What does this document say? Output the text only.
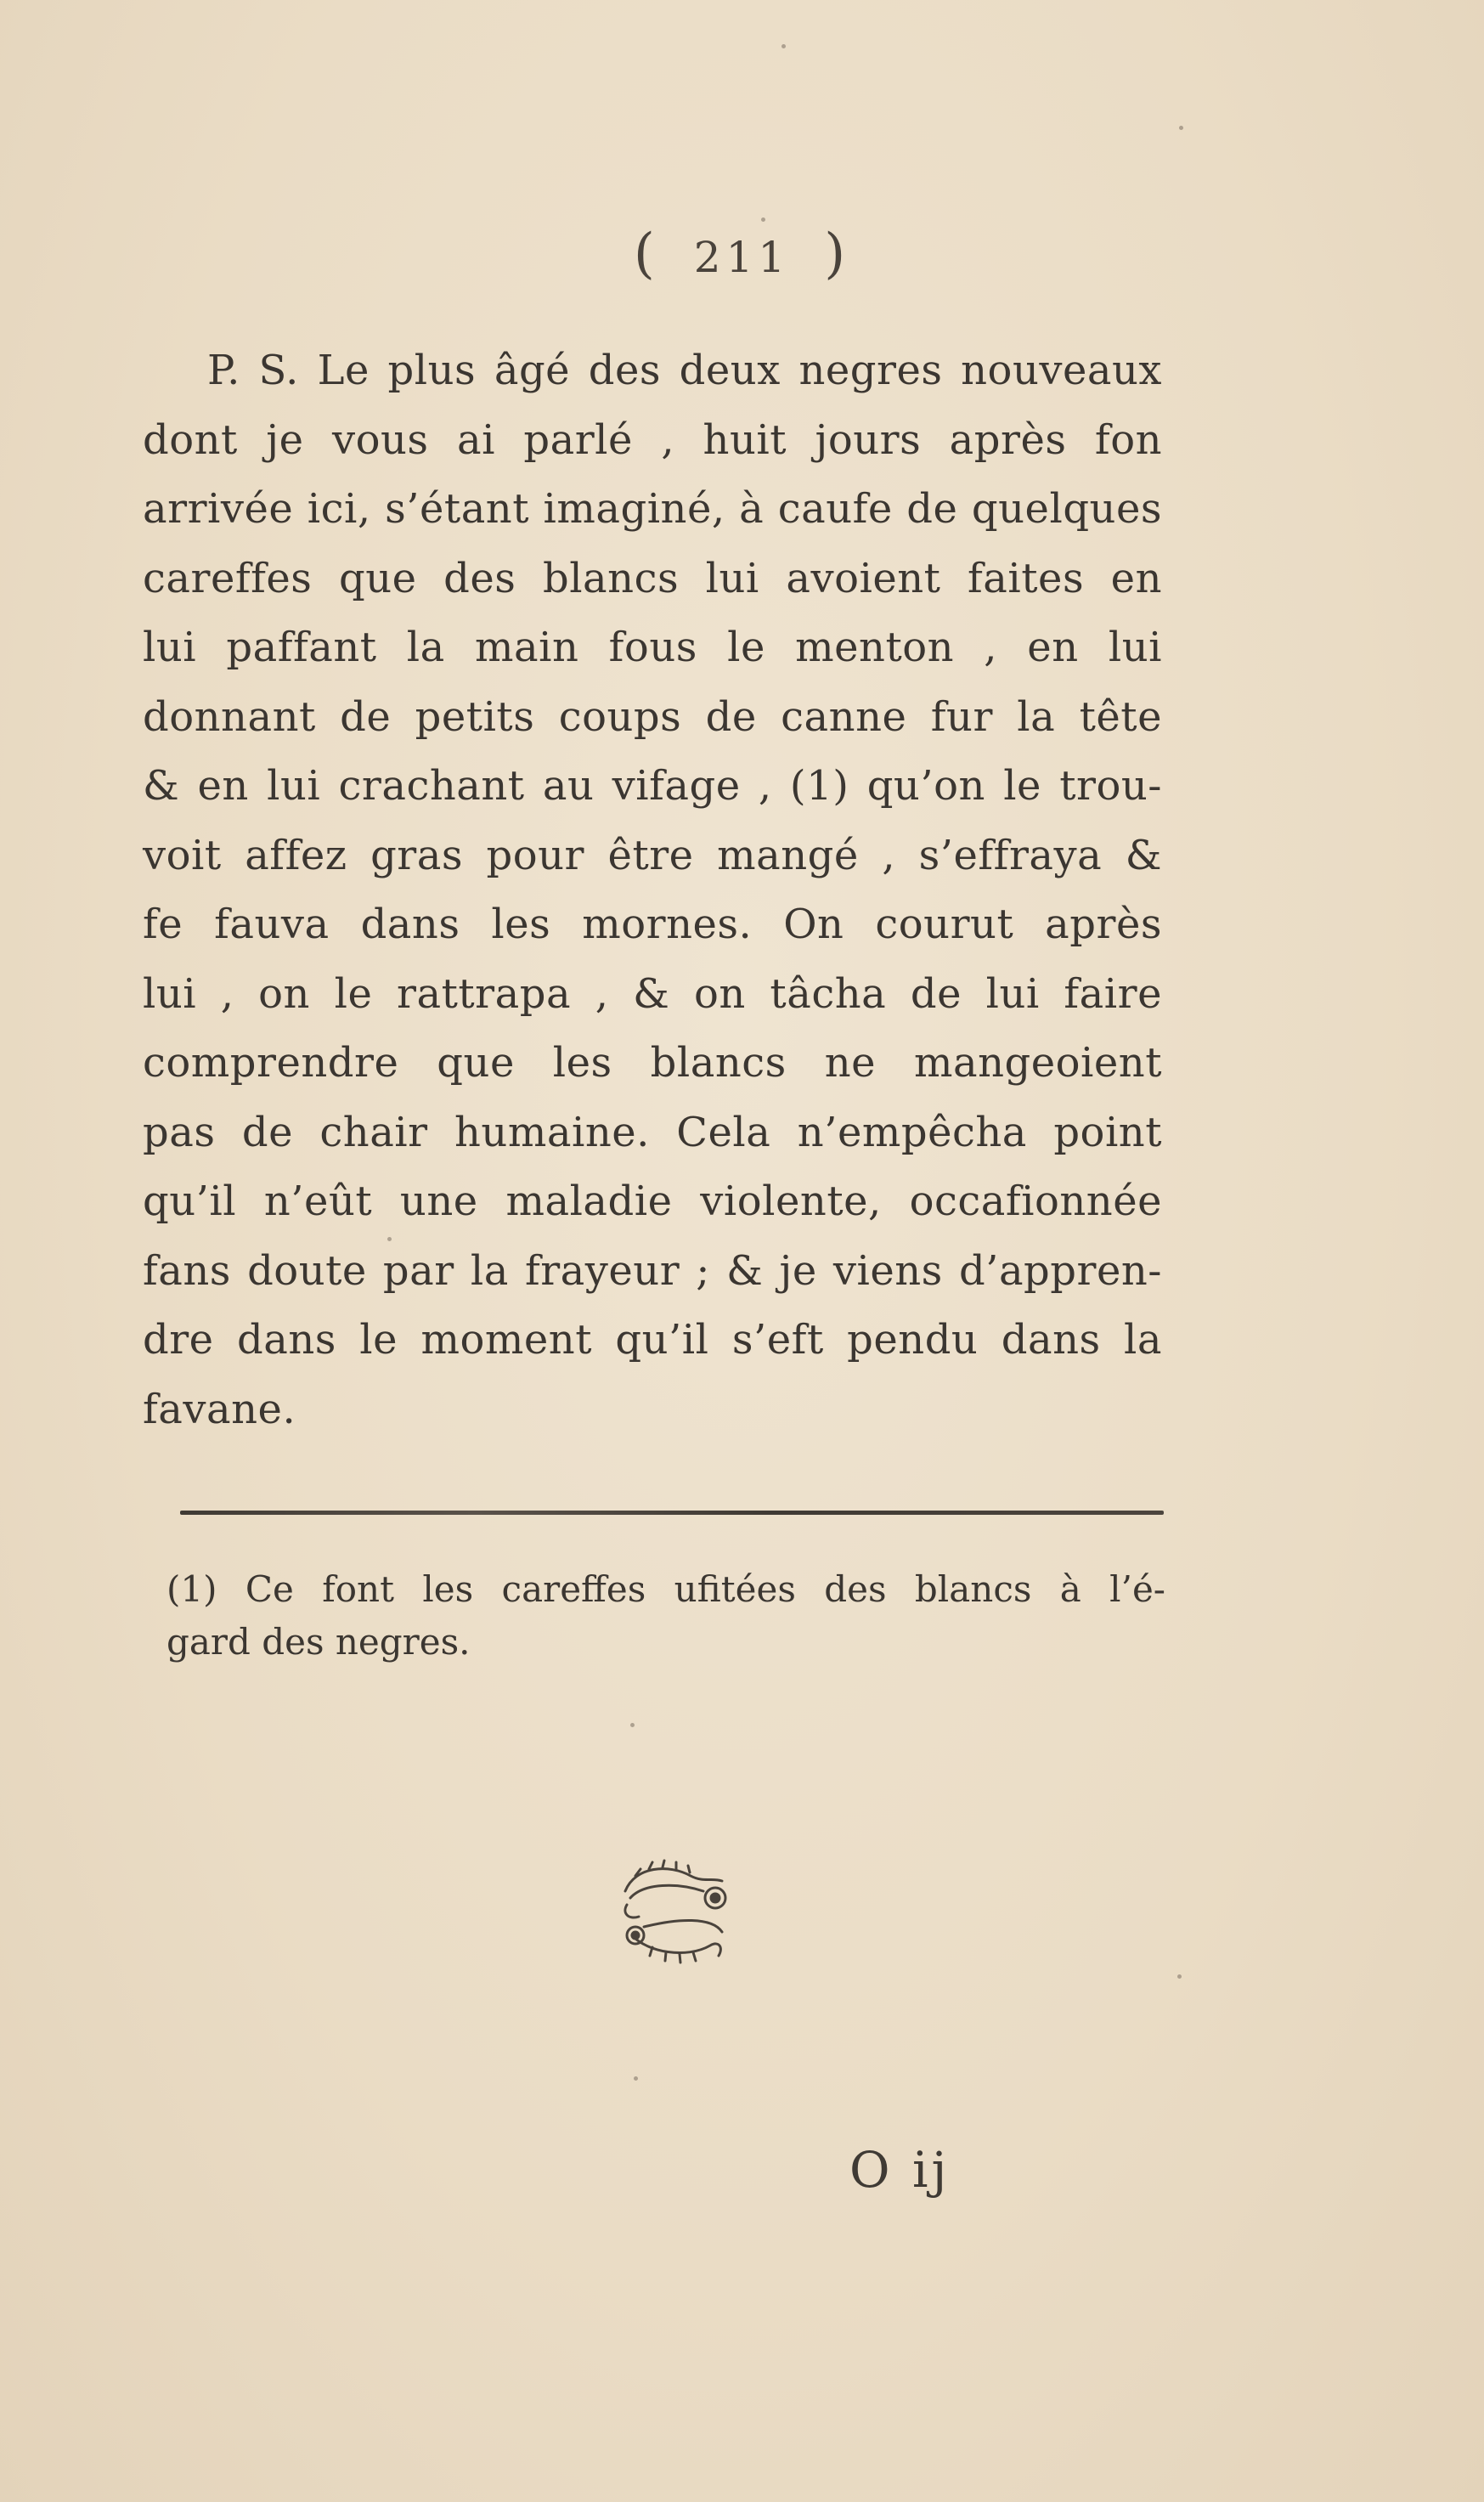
( 211 )
P. S. Le plus âgé des deux negres nouveaux
dont je vous ai parlé , huit jours après fon
arrivée ici, s’étant imaginé, à caufe de quelques
careffes que des blancs lui avoient faites en
lui paffant la main fous le menton , en lui
donnant de petits coups de canne fur la tête
& en lui crachant au vifage , (1) qu’on le trou-
voit affez gras pour être mangé , s’effraya &
fe fauva dans les mornes. On courut après
lui , on le rattrapa , & on tâcha de lui faire
comprendre que les blancs ne mangeoient
pas de chair humaine. Cela n’empêcha point
qu’il n’eût une maladie violente, occafionnée
fans doute par la frayeur ; & je viens d’appren-
dre dans le moment qu’il s’eft pendu dans la
favane.
(1) Ce font les careffes ufitées des blancs à l’é-
gard des negres.
O ij
